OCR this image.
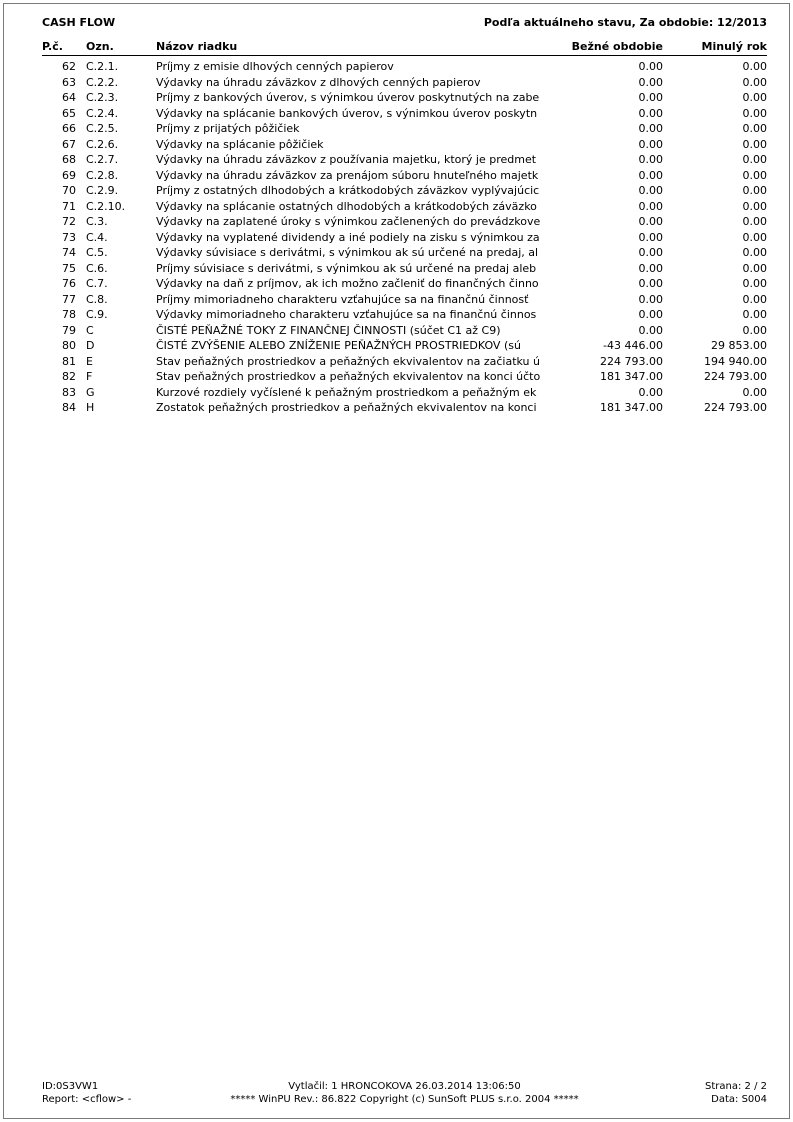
CASH FLOW	Podľa aktuálneho stavu, Za obdobie: 12/2013
P.č.	Ozn.	Názov riadku	Bežné obdobie	Minulý rok
62 C.2.1.	Príjmy z emisie dlhových cenných papierov	0.00	0.00
63 C.2.2.	Výdavky na úhradu záväzkov z dlhových cenných papierov	0.00	0.00
64 C.2.3.	Príjmy z bankových úverov, s výnimkou úverov poskytnutých na zabe	0.00	0.00
65 C.2.4.	Výdavky na splácanie bankových úverov, s výnimkou úverov poskytn	0.00	0.00
66 C.2.5.	Príjmy z prijatých pôžičiek	0.00	0.00
67 C.2.6.	Výdavky na splácanie pôžičiek	0.00	0.00
68 C.2.7.	Výdavky na úhradu záväzkov z používania majetku, ktorý je predmet	0.00	0.00
69 C.2.8.	Výdavky na úhradu záväzkov za prenájom súboru hnuteľného majetk	0.00	0.00
70 C.2.9.	Príjmy z ostatných dlhodobých a krátkodobých záväzkov vyplývajúcic	0.00	0.00
71 C.2.10.	Výdavky na splácanie ostatných dlhodobých a krátkodobých záväzko	0.00	0.00
72 C.3.	Výdavky na zaplatené úroky s výnimkou začlenených do prevádzkove	0.00	0.00
73 C.4.	Výdavky na vyplatené dividendy a iné podiely na zisku s výnimkou za	0.00	0.00
74 C.5.	Výdavky súvisiace s derivátmi, s výnimkou ak sú určené na predaj, al	0.00	0.00
75 C.6.	Príjmy súvisiace s derivátmi, s výnimkou ak sú určené na predaj aleb	0.00	0.00
76 C.7.	Výdavky na daň z príjmov, ak ich možno začleniť do finančných činno	0.00	0.00
77 C.8.	Príjmy mimoriadneho charakteru vzťahujúce sa na finančnú činnosť	0.00	0.00
78 C.9.	Výdavky mimoriadneho charakteru vzťahujúce sa na finančnú činnos	0.00	0.00
79 C	ČISTÉ PEŇAŽNÉ TOKY Z FINANČNEJ ČINNOSTI (súčet C1 až C9)	0.00	0.00
80 D	ČISTÉ ZVÝŠENIE ALEBO ZNÍŽENIE PEŇAŽNÝCH PROSTRIEDKOV (sú	-43 446.00	29 853.00
81 E	Stav peňažných prostriedkov a peňažných ekvivalentov na začiatku ú	224 793.00	194 940.00
82 F	Stav peňažných prostriedkov a peňažných ekvivalentov na konci účto	181 347.00	224 793.00
83 G	Kurzové rozdiely vyčíslené k peňažným prostriedkom a peňažným ek	0.00	0.00
84 H	Zostatok peňažných prostriedkov a peňažných ekvivalentov na konci	181 347.00	224 793.00
ID:0S3VW1
Report: <cflow> -
Vytlačil: 1 HRONCOKOVA 26.03.2014 13:06:50
***** WinPU Rev.: 86.822 Copyright (c) SunSoft PLUS s.r.o. 2004 *****
Strana: 2 / 2
Data: S004
